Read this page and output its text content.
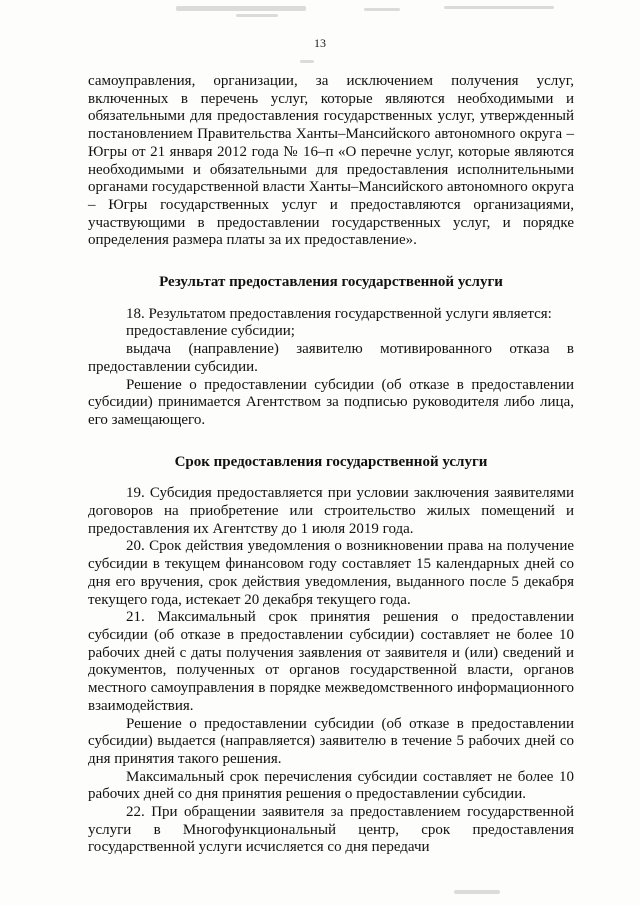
13

самоуправления, организации, за исключением получения услуг, включенных в перечень услуг, которые являются необходимыми и обязательными для предоставления государственных услуг, утвержденный постановлением Правительства Ханты–Мансийского автономного округа – Югры от 21 января 2012 года № 16–п «О перечне услуг, которые являются необходимыми и обязательными для предоставления исполнительными органами государственной власти Ханты–Мансийского автономного округа – Югры государственных услуг и предоставляются организациями, участвующими в предоставлении государственных услуг, и порядке определения размера платы за их предоставление».

Результат предоставления государственной услуги

18. Результатом предоставления государственной услуги является:

предоставление субсидии;

выдача (направление) заявителю мотивированного отказа в предоставлении субсидии.

Решение о предоставлении субсидии (об отказе в предоставлении субсидии) принимается Агентством за подписью руководителя либо лица, его замещающего.

Срок предоставления государственной услуги

19. Субсидия предоставляется при условии заключения заявителями договоров на приобретение или строительство жилых помещений и предоставления их Агентству до 1 июля 2019 года.

20. Срок действия уведомления о возникновении права на получение субсидии в текущем финансовом году составляет 15 календарных дней со дня его вручения, срок действия уведомления, выданного после 5 декабря текущего года, истекает 20 декабря текущего года.

21. Максимальный срок принятия решения о предоставлении субсидии (об отказе в предоставлении субсидии) составляет не более 10 рабочих дней с даты получения заявления от заявителя и (или) сведений и документов, полученных от органов государственной власти, органов местного самоуправления в порядке межведомственного информационного взаимодействия.

Решение о предоставлении субсидии (об отказе в предоставлении субсидии) выдается (направляется) заявителю в течение 5 рабочих дней со дня принятия такого решения.

Максимальный срок перечисления субсидии составляет не более 10 рабочих дней со дня принятия решения о предоставлении субсидии.

22. При обращении заявителя за предоставлением государственной услуги в Многофункциональный центр, срок предоставления государственной услуги исчисляется со дня передачи
